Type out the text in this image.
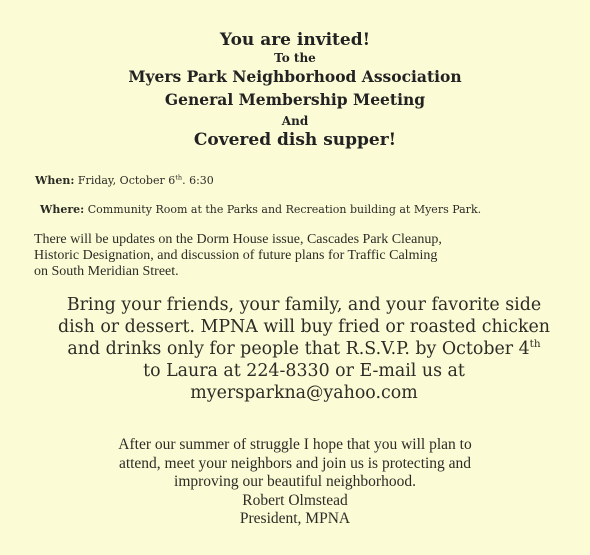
You are invited!
To the
Myers Park Neighborhood Association
General Membership Meeting
And
Covered dish supper!
When: Friday, October 6th. 6:30
Where: Community Room at the Parks and Recreation building at Myers Park.
There will be updates on the Dorm House issue, Cascades Park Cleanup,
Historic Designation, and discussion of future plans for Traffic Calming
on South Meridian Street.
Bring your friends, your family, and your favorite side
dish or dessert. MPNA will buy fried or roasted chicken
and drinks only for people that R.S.V.P. by October 4th
to Laura at 224-8330 or E-mail us at
myersparkna@yahoo.com
After our summer of struggle I hope that you will plan to
attend, meet your neighbors and join us is protecting and
improving our beautiful neighborhood.
Robert Olmstead
President, MPNA
